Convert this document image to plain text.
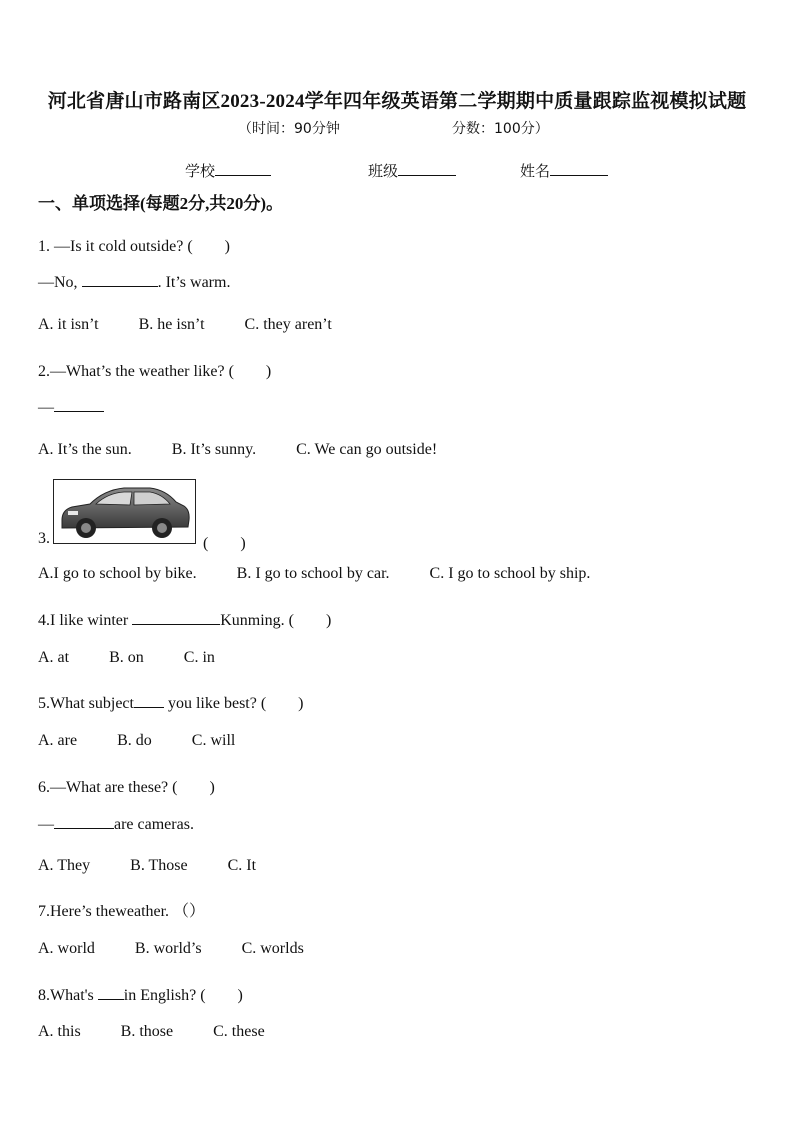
河北省唐山市路南区2023-2024学年四年级英语第二学期期中质量跟踪监视模拟试题
（时间：90分钟	分数：100分）
学校	班级	姓名
一、单项选择(每题2分,共20分)。
1. —Is it cold outside? (　　)
—No,	. It’s warm.
A. it isn’t	B. he isn’t	C. they aren’t
2.—What’s the weather like? (　　)
—
A. It’s the sun.	B. It’s sunny.	C. We can go outside!
3.	(　　)
A.I go to school by bike.	B. I go to school by car.	C. I go to school by ship.
4.I like winter	Kunming. (　　)
A. at	B. on	C. in
5.What subject you like best? (　　)
A. are	B. do	C. will
6.—What are these? (　　)
—	are cameras.
A. They	B. Those	C. It
7.Here’s theweather. （）
A. world	B. world’s	C. worlds
8.What's in English? (　　)
A. this	B. those	C. these
